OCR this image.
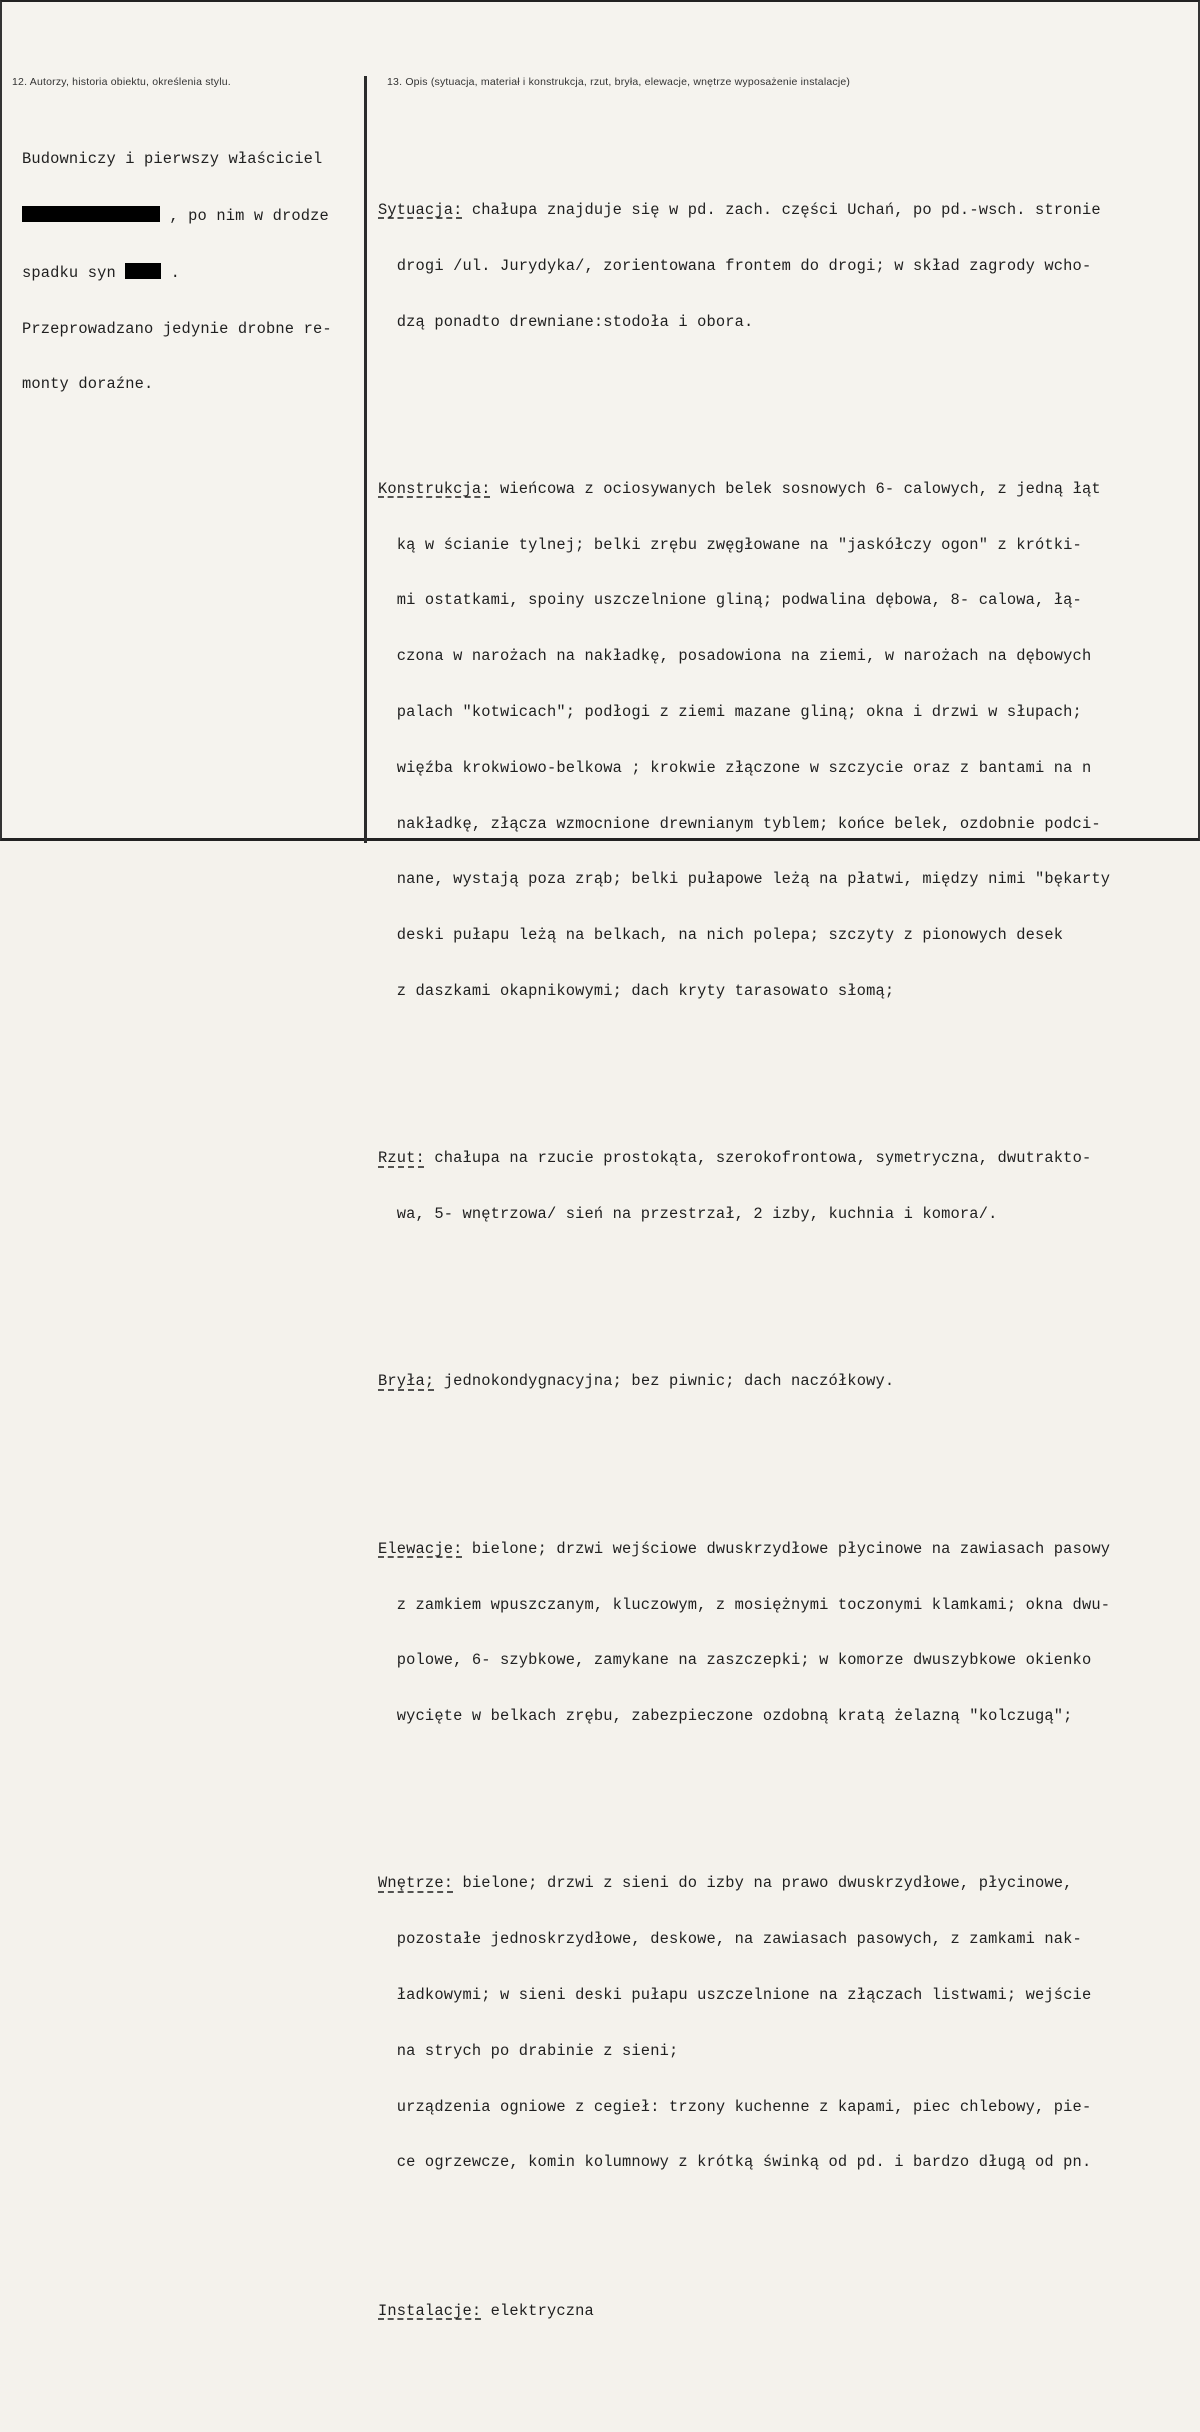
12. Autorzy, historia obiektu, określenia stylu.	13. Opis (sytuacja, materiał i konstrukcja, rzut, bryła, elewacje, wnętrze wyposażenie instalacje)

Budowniczy i pierwszy właściciel

, po nim w drodze

spadku syn  .

Przeprowadzano jedynie drobne re-

monty doraźne.

Sytuacja: chałupa znajduje się w pd. zach. części Uchań, po pd.-wsch. stronie

drogi /ul. Jurydyka/, zorientowana frontem do drogi; w skład zagrody wcho-

dzą ponadto drewniane:stodoła i obora.

Konstrukcja: wieńcowa z ociosywanych belek sosnowych 6- calowych, z jedną łąt

ką w ścianie tylnej; belki zrębu zwęgłowane na "jaskółczy ogon" z krótki-

mi ostatkami, spoiny uszczelnione gliną; podwalina dębowa, 8- calowa, łą-

czona w narożach na nakładkę, posadowiona na ziemi, w narożach na dębowych

palach "kotwicach"; podłogi z ziemi mazane gliną; okna i drzwi w słupach;

więźba krokwiowo-belkowa ; krokwie złączone w szczycie oraz z bantami na n

nakładkę, złącza wzmocnione drewnianym tyblem; końce belek, ozdobnie podci-

nane, wystają poza zrąb; belki pułapowe leżą na płatwi, między nimi "bękarty

deski pułapu leżą na belkach, na nich polepa; szczyty z pionowych desek

z daszkami okapnikowymi; dach kryty tarasowato słomą;

Rzut: chałupa na rzucie prostokąta, szerokofrontowa, symetryczna, dwutrakto-

wa, 5- wnętrzowa/ sień na przestrzał, 2 izby, kuchnia i komora/.

Bryła; jednokondygnacyjna; bez piwnic; dach naczółkowy.

Elewacje: bielone; drzwi wejściowe dwuskrzydłowe płycinowe na zawiasach pasowy

z zamkiem wpuszczanym, kluczowym, z mosiężnymi toczonymi klamkami; okna dwu-

polowe, 6- szybkowe, zamykane na zaszczepki; w komorze dwuszybkowe okienko

wycięte w belkach zrębu, zabezpieczone ozdobną kratą żelazną "kolczugą";

Wnętrze: bielone; drzwi z sieni do izby na prawo dwuskrzydłowe, płycinowe,

pozostałe jednoskrzydłowe, deskowe, na zawiasach pasowych, z zamkami nak-

ładkowymi; w sieni deski pułapu uszczelnione na złączach listwami; wejście

na strych po drabinie z sieni;

urządzenia ogniowe z cegieł: trzony kuchenne z kapami, piec chlebowy, pie-

ce ogrzewcze, komin kolumnowy z krótką świnką od pd. i bardzo długą od pn.

Instalacje: elektryczna
